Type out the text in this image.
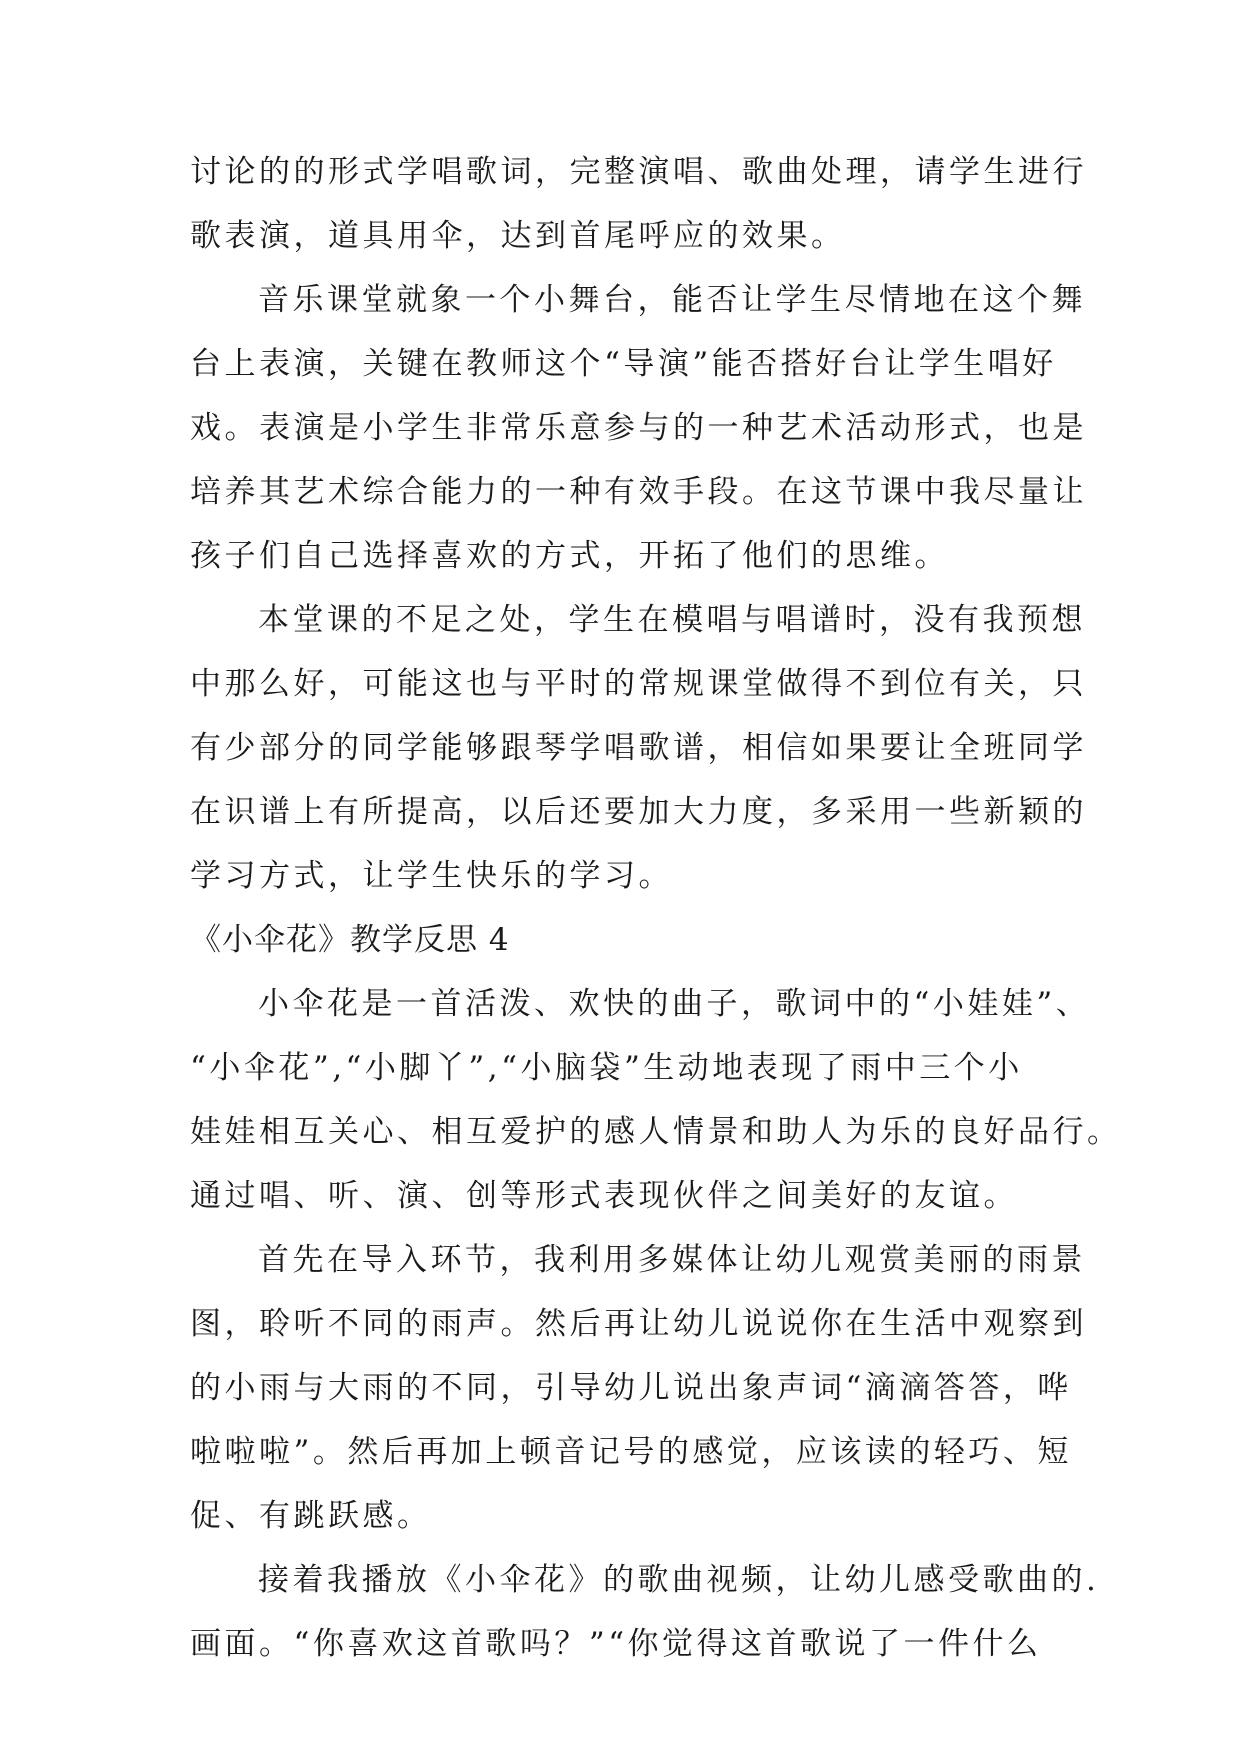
讨论的的形式学唱歌词，完整演唱、歌曲处理，请学生进行
歌表演，道具用伞，达到首尾呼应的效果。
音乐课堂就象一个小舞台，能否让学生尽情地在这个舞
台上表演，关键在教师这个“导演”能否搭好台让学生唱好
戏。表演是小学生非常乐意参与的一种艺术活动形式，也是
培养其艺术综合能力的一种有效手段。在这节课中我尽量让
孩子们自己选择喜欢的方式，开拓了他们的思维。
本堂课的不足之处，学生在模唱与唱谱时，没有我预想
中那么好，可能这也与平时的常规课堂做得不到位有关，只
有少部分的同学能够跟琴学唱歌谱，相信如果要让全班同学
在识谱上有所提高，以后还要加大力度，多采用一些新颖的
学习方式，让学生快乐的学习。
《小伞花》教学反思 4
小伞花是一首活泼、欢快的曲子，歌词中的“小娃娃”、
“小伞花”,“小脚丫”,“小脑袋”生动地表现了雨中三个小
娃娃相互关心、相互爱护的感人情景和助人为乐的良好品行。
通过唱、听、演、创等形式表现伙伴之间美好的友谊。
首先在导入环节，我利用多媒体让幼儿观赏美丽的雨景
图，聆听不同的雨声。然后再让幼儿说说你在生活中观察到
的小雨与大雨的不同，引导幼儿说出象声词“滴滴答答，哗
啦啦啦”。然后再加上顿音记号的感觉，应该读的轻巧、短
促、有跳跃感。
接着我播放《小伞花》的歌曲视频，让幼儿感受歌曲的.
画面。“你喜欢这首歌吗？”“你觉得这首歌说了一件什么
